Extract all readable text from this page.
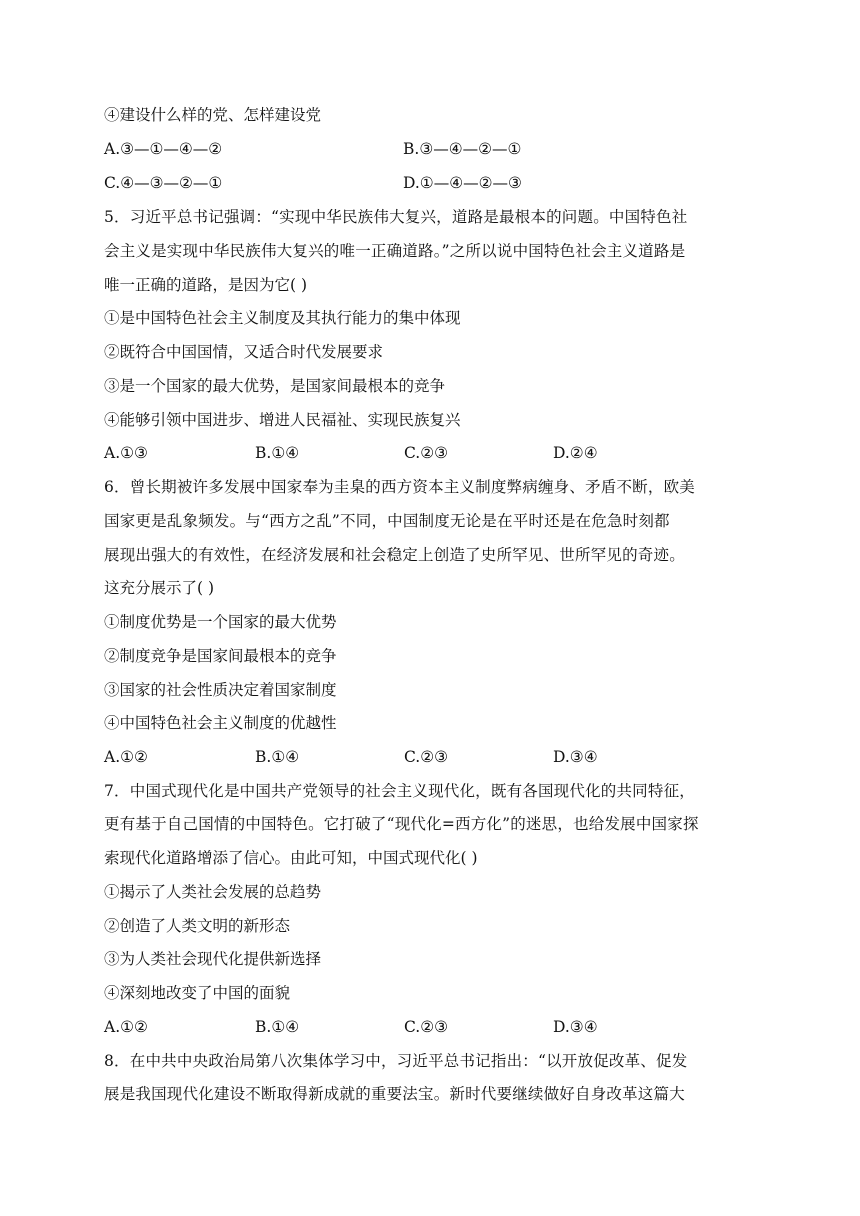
④建设什么样的党、怎样建设党
A.③—①—④—②	B.③—④—②—①
C.④—③—②—①	D.①—④—②—③
5．习近平总书记强调：“实现中华民族伟大复兴，道路是最根本的问题。中国特色社
会主义是实现中华民族伟大复兴的唯一正确道路。”之所以说中国特色社会主义道路是
唯一正确的道路，是因为它( )
①是中国特色社会主义制度及其执行能力的集中体现
②既符合中国国情，又适合时代发展要求
③是一个国家的最大优势，是国家间最根本的竞争
④能够引领中国进步、增进人民福祉、实现民族复兴
A.①③	B.①④	C.②③	D.②④
6．曾长期被许多发展中国家奉为圭臬的西方资本主义制度弊病缠身、矛盾不断，欧美
国家更是乱象频发。与“西方之乱”不同，中国制度无论是在平时还是在危急时刻都
展现出强大的有效性，在经济发展和社会稳定上创造了史所罕见、世所罕见的奇迹。
这充分展示了( )
①制度优势是一个国家的最大优势
②制度竞争是国家间最根本的竞争
③国家的社会性质决定着国家制度
④中国特色社会主义制度的优越性
A.①②	B.①④	C.②③	D.③④
7．中国式现代化是中国共产党领导的社会主义现代化，既有各国现代化的共同特征，
更有基于自己国情的中国特色。它打破了“现代化=西方化”的迷思，也给发展中国家探
索现代化道路增添了信心。由此可知，中国式现代化( )
①揭示了人类社会发展的总趋势
②创造了人类文明的新形态
③为人类社会现代化提供新选择
④深刻地改变了中国的面貌
A.①②	B.①④	C.②③	D.③④
8．在中共中央政治局第八次集体学习中，习近平总书记指出：“以开放促改革、促发
展是我国现代化建设不断取得新成就的重要法宝。新时代要继续做好自身改革这篇大
